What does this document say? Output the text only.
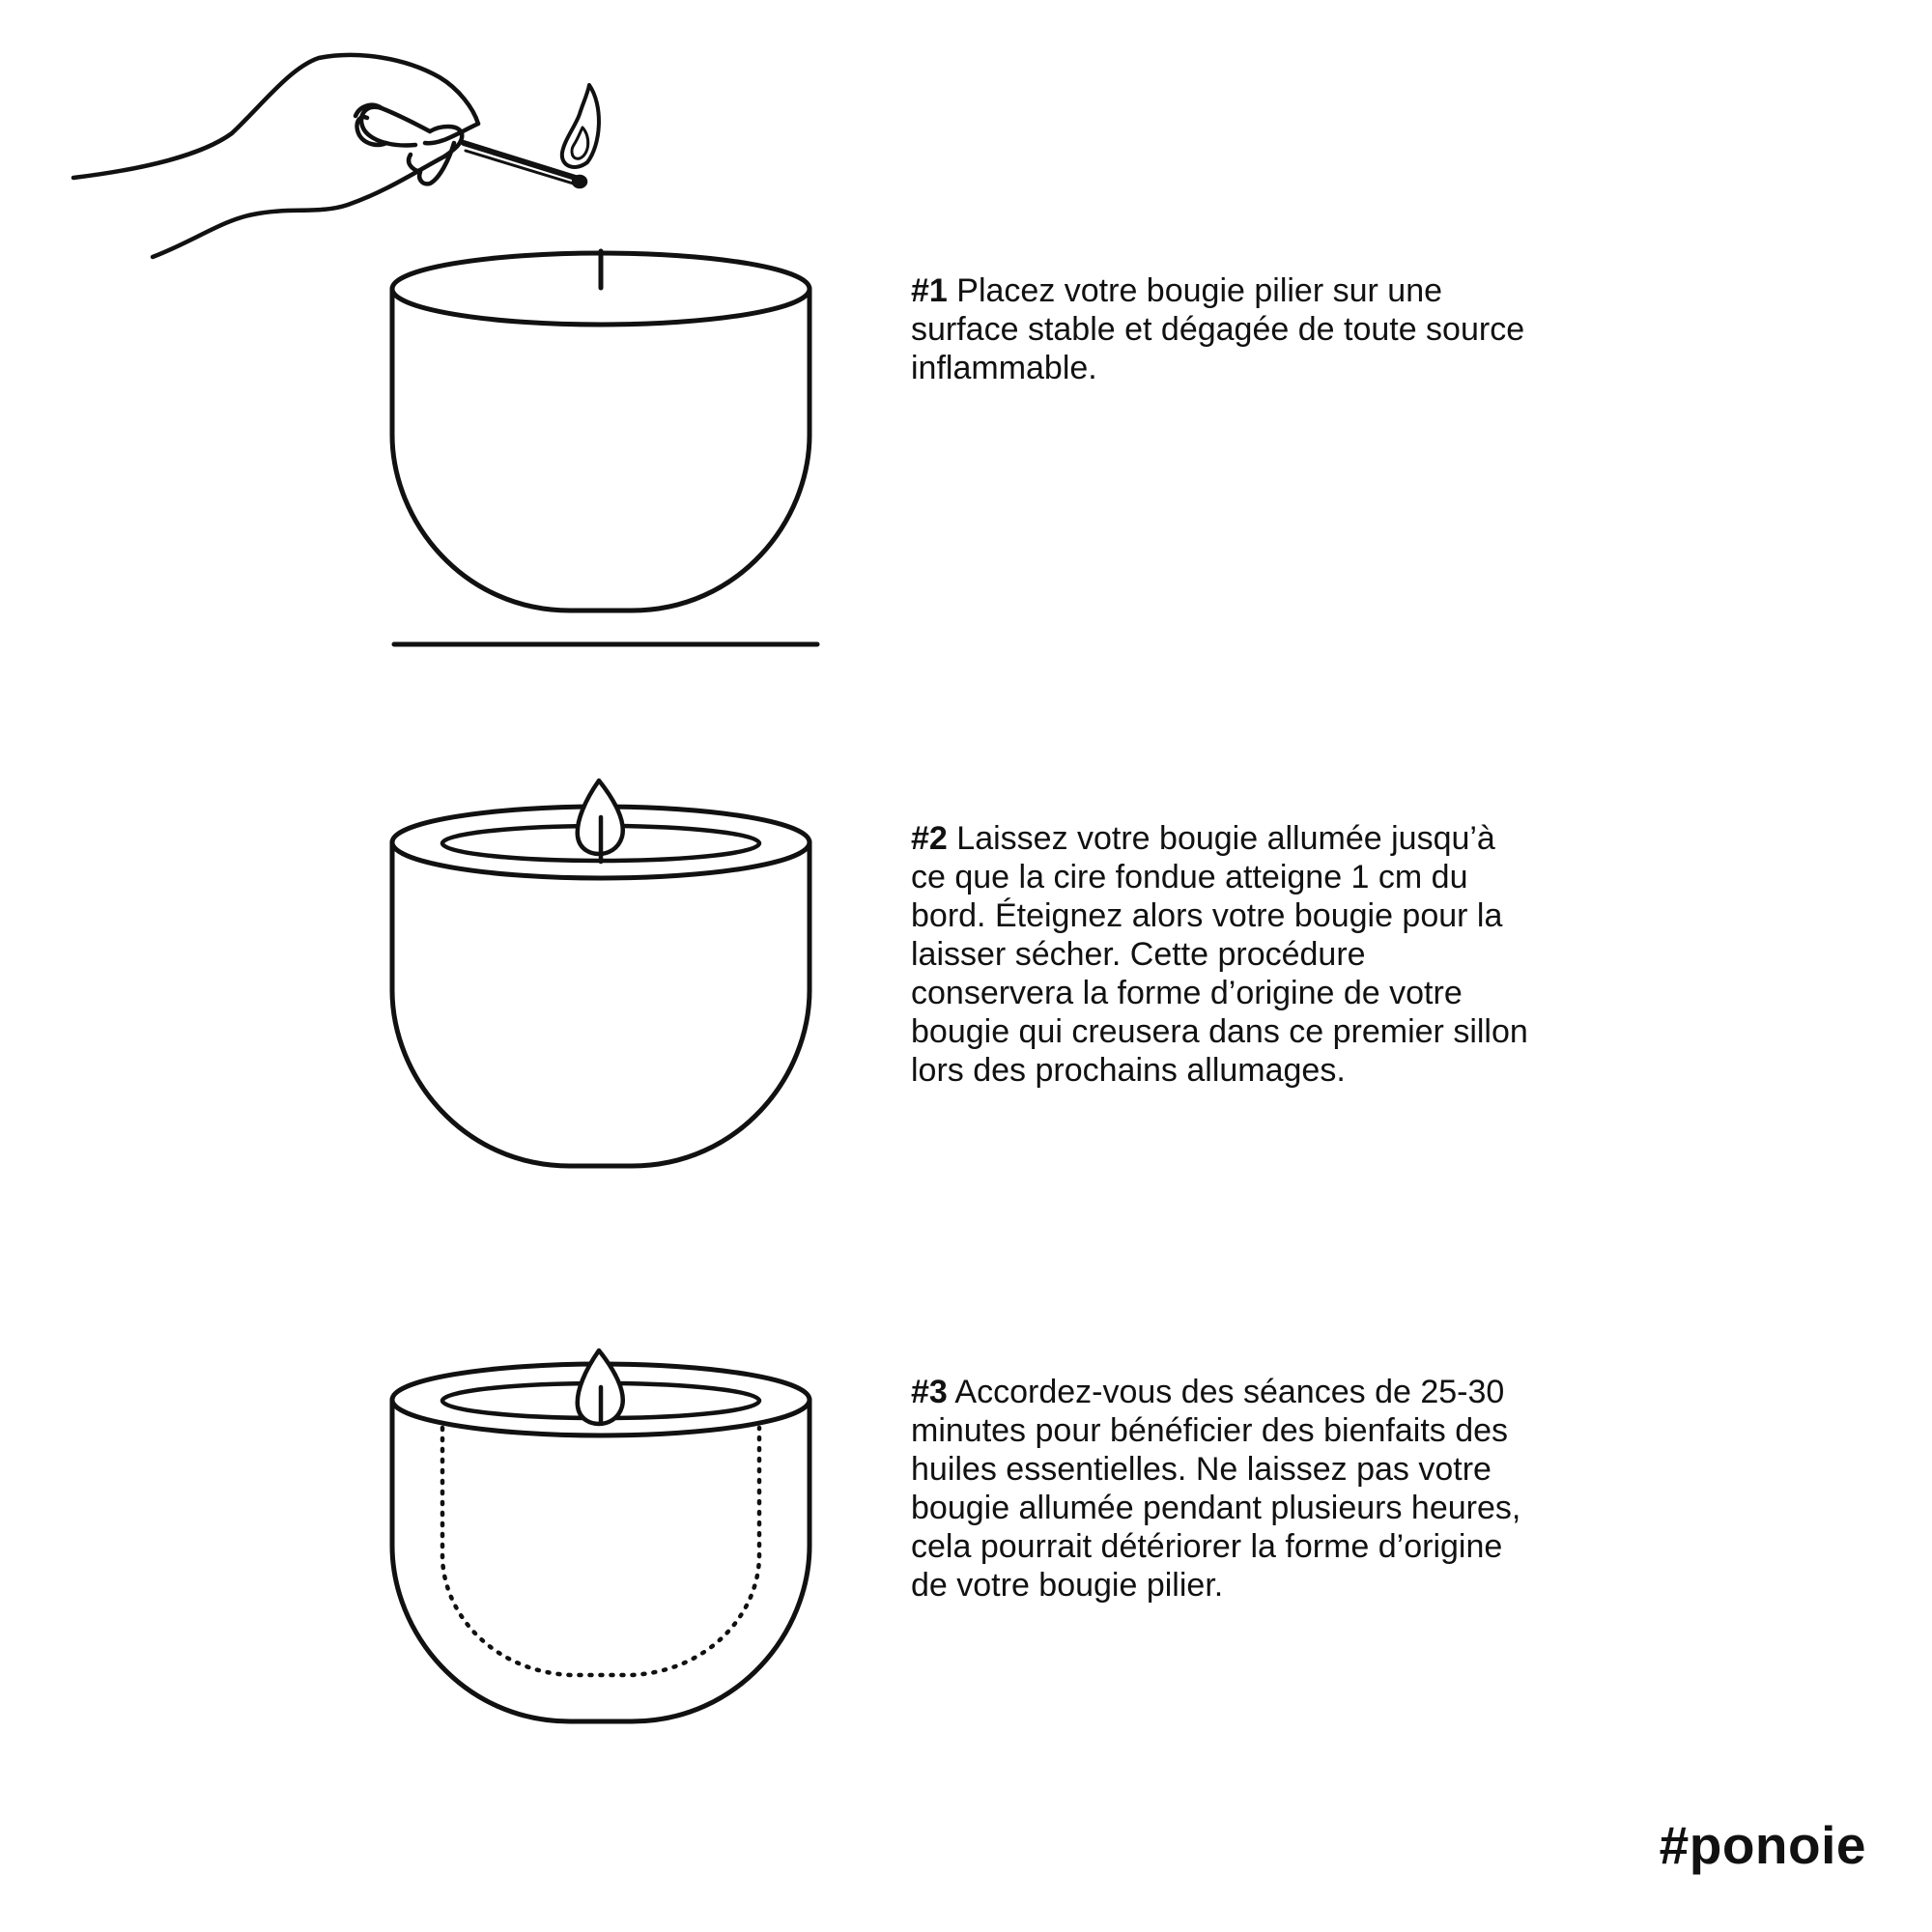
#1 Placez votre bougie pilier sur une surface stable et dégagée de toute source inflammable.

#2 Laissez votre bougie allumée jusqu’à ce que la cire fondue atteigne 1 cm du bord. Éteignez alors votre bougie pour la laisser sécher. Cette procédure conservera la forme d’origine de votre bougie qui creusera dans ce premier sillon lors des prochains allumages.

#3 Accordez-vous des séances de 25-30 minutes pour bénéficier des bienfaits des huiles essentielles. Ne laissez pas votre bougie allumée pendant plusieurs heures, cela pourrait détériorer la forme d’origine de votre bougie pilier.

#ponoie
